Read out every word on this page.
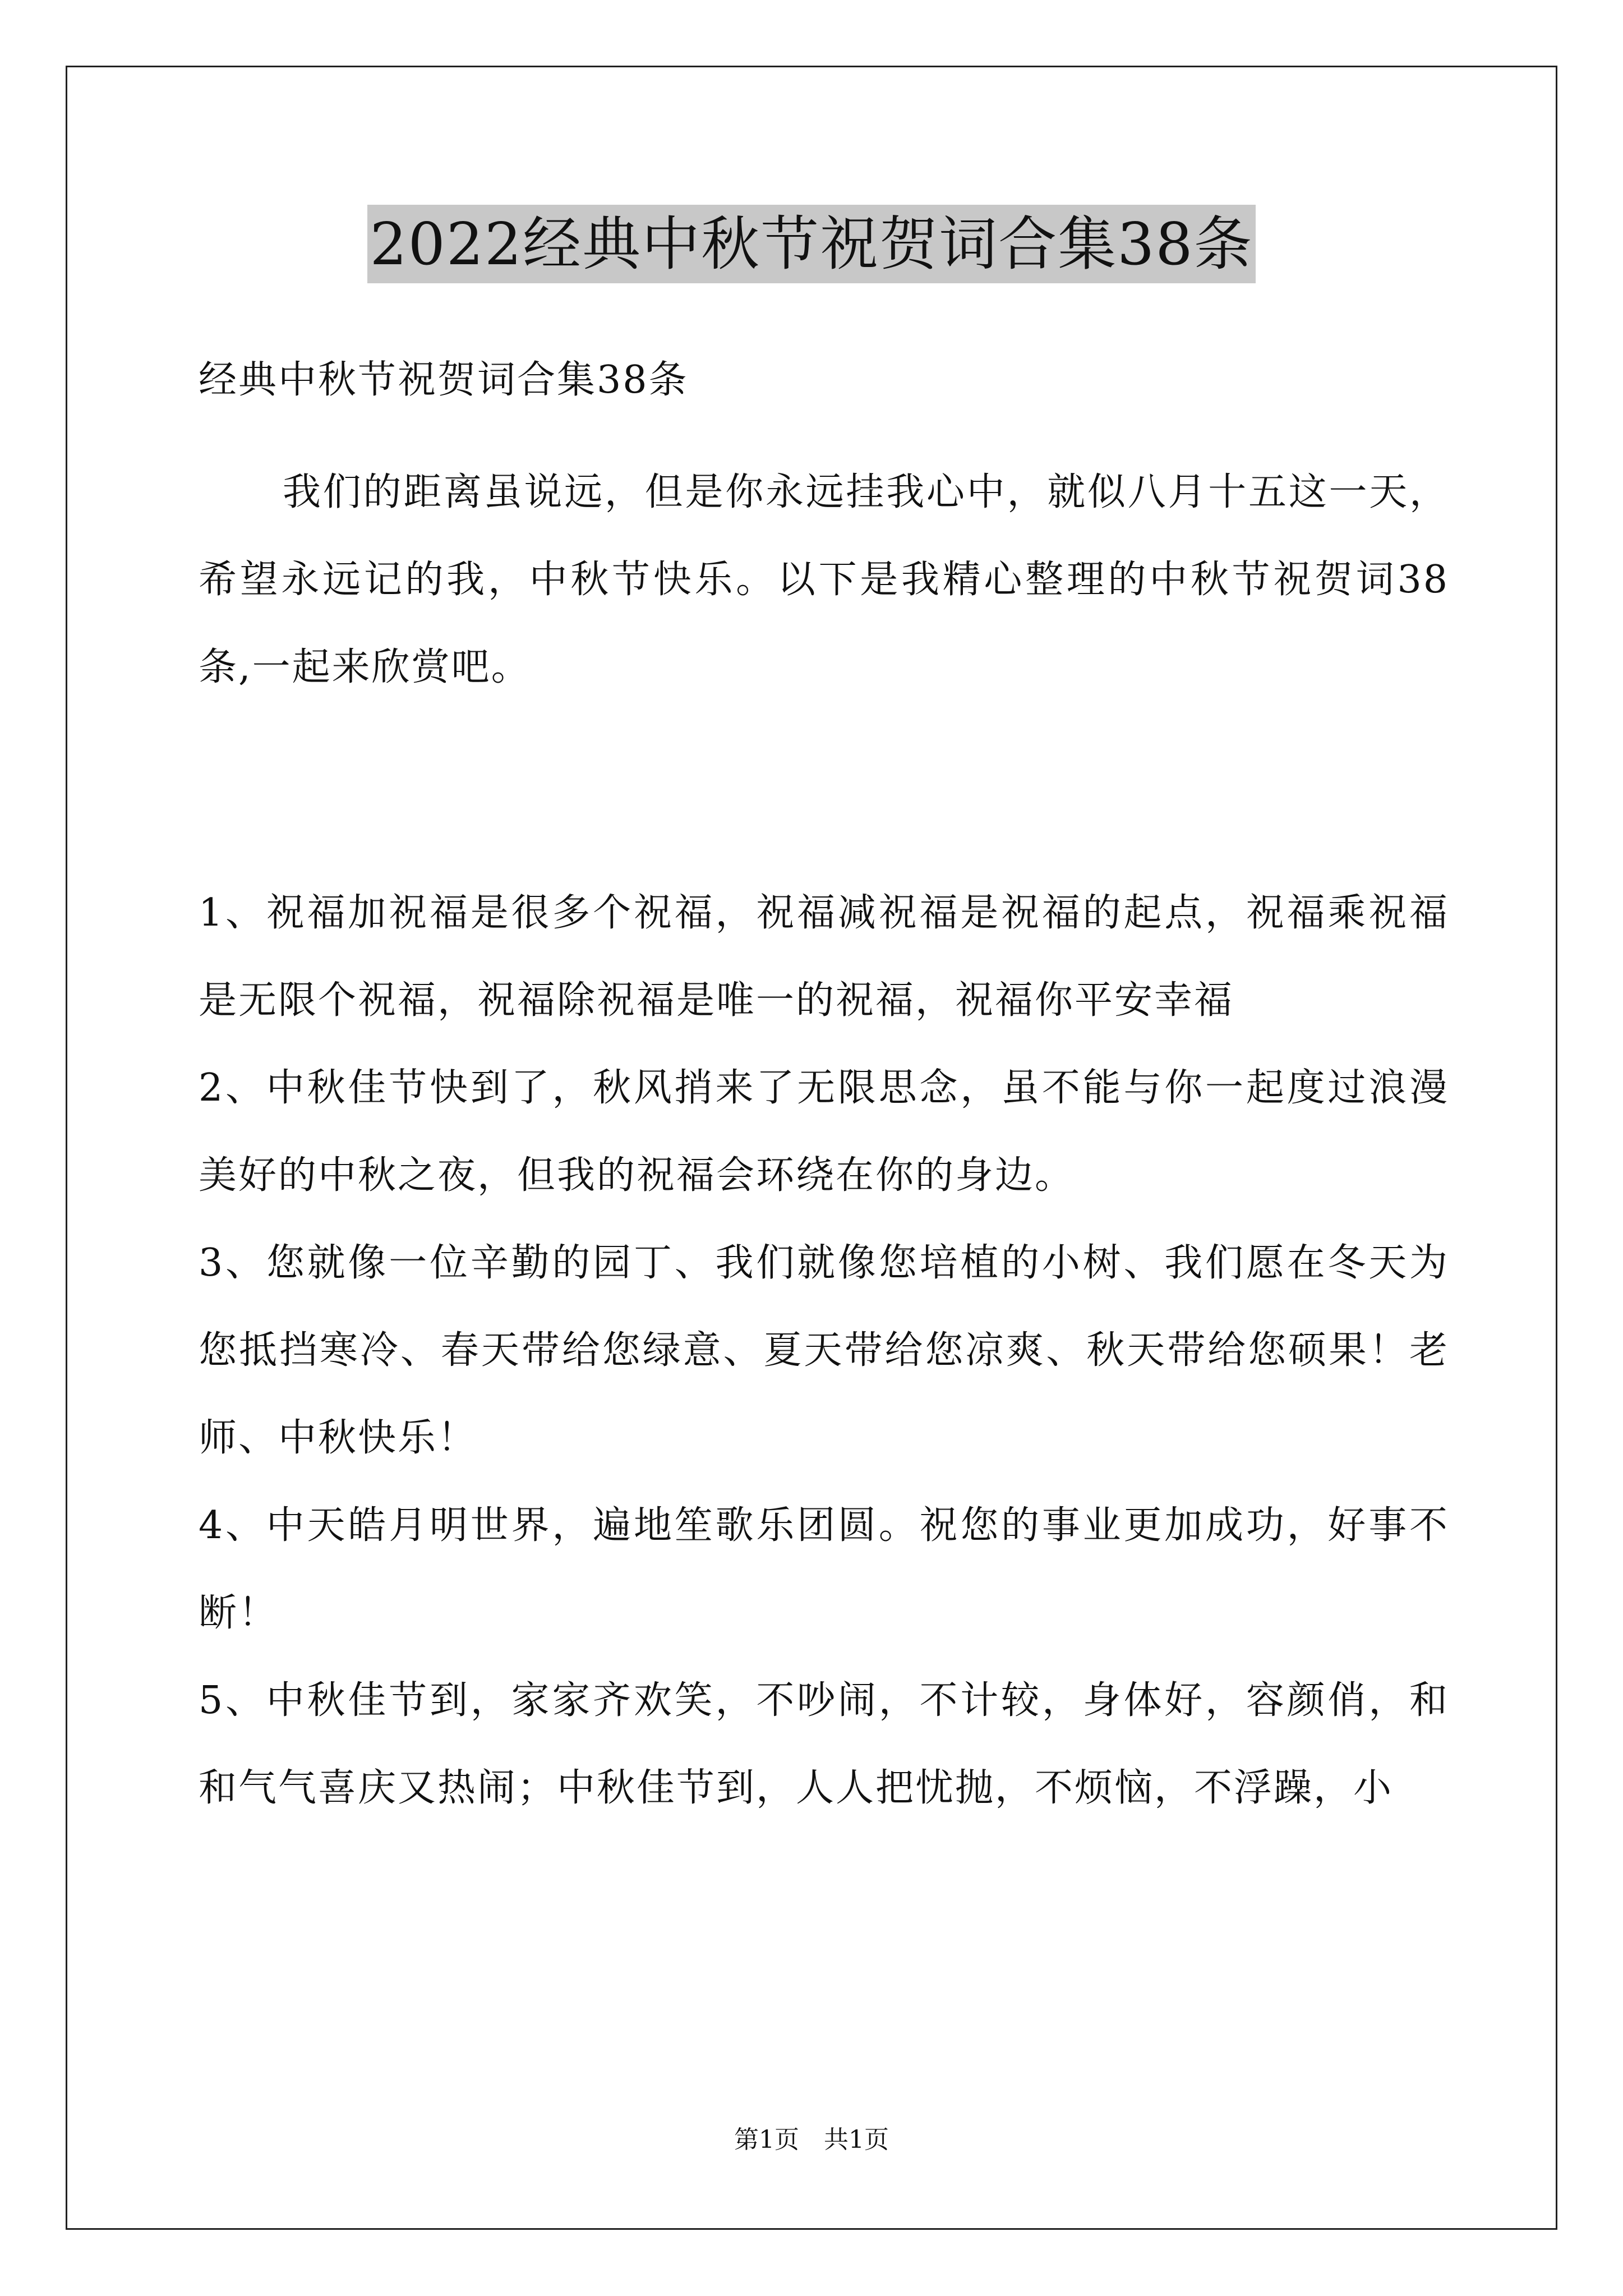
2022经典中秋节祝贺词合集38条
经典中秋节祝贺词合集38条

我们的距离虽说远，但是你永远挂我心中，就似八月十五这一天，希望永远记的我，中秋节快乐。以下是我精心整理的中秋节祝贺词38条,一起来欣赏吧。

1、祝福加祝福是很多个祝福，祝福减祝福是祝福的起点，祝福乘祝福是无限个祝福，祝福除祝福是唯一的祝福，祝福你平安幸福

2、中秋佳节快到了，秋风捎来了无限思念，虽不能与你一起度过浪漫美好的中秋之夜，但我的祝福会环绕在你的身边。

3、您就像一位辛勤的园丁、我们就像您培植的小树、我们愿在冬天为您抵挡寒冷、春天带给您绿意、夏天带给您凉爽、秋天带给您硕果！老师、中秋快乐！

4、中天皓月明世界，遍地笙歌乐团圆。祝您的事业更加成功，好事不断！

5、中秋佳节到，家家齐欢笑，不吵闹，不计较，身体好，容颜俏，和和气气喜庆又热闹；中秋佳节到，人人把忧抛，不烦恼，不浮躁，小

第1页　共1页
